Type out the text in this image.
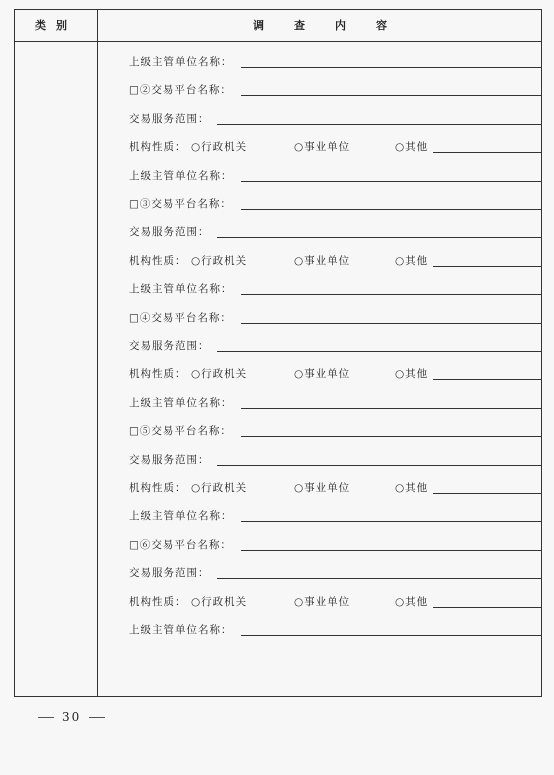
类别	调查内容
上级主管单位名称：
□②交易平台名称：
交易服务范围：
机构性质： ○行政机关	○事业单位	○其他
上级主管单位名称：
□③交易平台名称：
交易服务范围：
机构性质： ○行政机关	○事业单位	○其他
上级主管单位名称：
□④交易平台名称：
交易服务范围：
机构性质： ○行政机关	○事业单位	○其他
上级主管单位名称：
□⑤交易平台名称：
交易服务范围：
机构性质： ○行政机关	○事业单位	○其他
上级主管单位名称：
□⑥交易平台名称：
交易服务范围：
机构性质： ○行政机关	○事业单位	○其他
上级主管单位名称：
30
